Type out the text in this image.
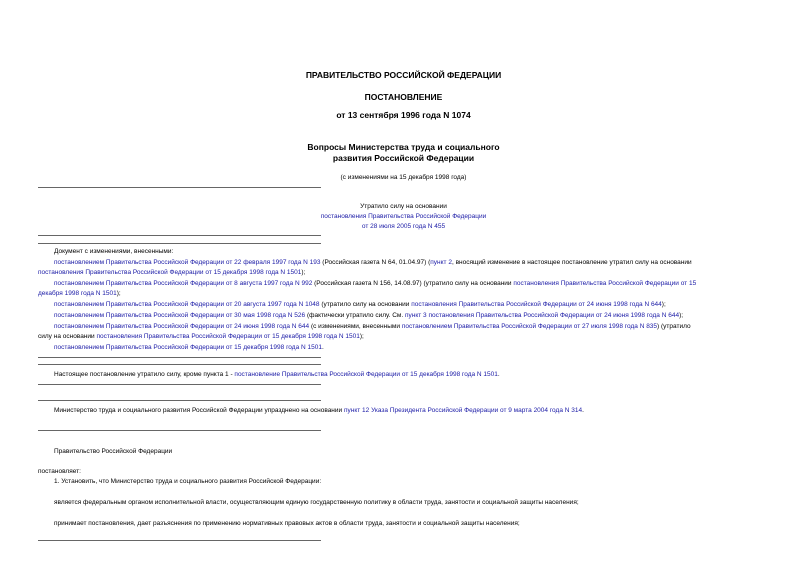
ПРАВИТЕЛЬСТВО РОССИЙСКОЙ ФЕДЕРАЦИИ
ПОСТАНОВЛЕНИЕ
от 13 сентября 1996 года N 1074
Вопросы Министерства труда и социального
развития Российской Федерации
(с изменениями на 15 декабря 1998 года)
Утратило силу на основании
постановления Правительства Российской Федерации
от 28 июля 2005 года N 455
Документ с изменениями, внесенными:
постановлением Правительства Российской Федерации от 22 февраля 1997 года N 193 (Российская газета N 64, 01.04.97) (пункт 2, вносящий изменение в настоящее постановление утратил силу на основании
постановления Правительства Российской Федерации от 15 декабря 1998 года N 1501);
постановлением Правительства Российской Федерации от 8 августа 1997 года N 992 (Российская газета N 156, 14.08.97) (утратило силу на основании постановления Правительства Российской Федерации от 15
декабря 1998 года N 1501);
постановлением Правительства Российской Федерации от 20 августа 1997 года N 1048 (утратило силу на основании постановления Правительства Российской Федерации от 24 июня 1998 года N 644);
постановлением Правительства Российской Федерации от 30 мая 1998 года N 526 (фактически утратило силу. См. пункт 3 постановления Правительства Российской Федерации от 24 июня 1998 года N 644);
постановлением Правительства Российской Федерации от 24 июня 1998 года N 644 (с изменениями, внесенными постановлением Правительства Российской Федерации от 27 июля 1998 года N 835) (утратило
силу на основании постановления Правительства Российской Федерации от 15 декабря 1998 года N 1501);
постановлением Правительства Российской Федерации от 15 декабря 1998 года N 1501.
Настоящее постановление утратило силу, кроме пункта 1 - постановление Правительства Российской Федерации от 15 декабря 1998 года N 1501.
Министерство труда и социального развития Российской Федерации упразднено на основании пункт 12 Указа Президента Российской Федерации от 9 марта 2004 года N 314.
Правительство Российской Федерации
постановляет:
1. Установить, что Министерство труда и социального развития Российской Федерации:
является федеральным органом исполнительной власти, осуществляющим единую государственную политику в области труда, занятости и социальной защиты населения;
принимает постановления, дает разъяснения по применению нормативных правовых актов в области труда, занятости и социальной защиты населения;
